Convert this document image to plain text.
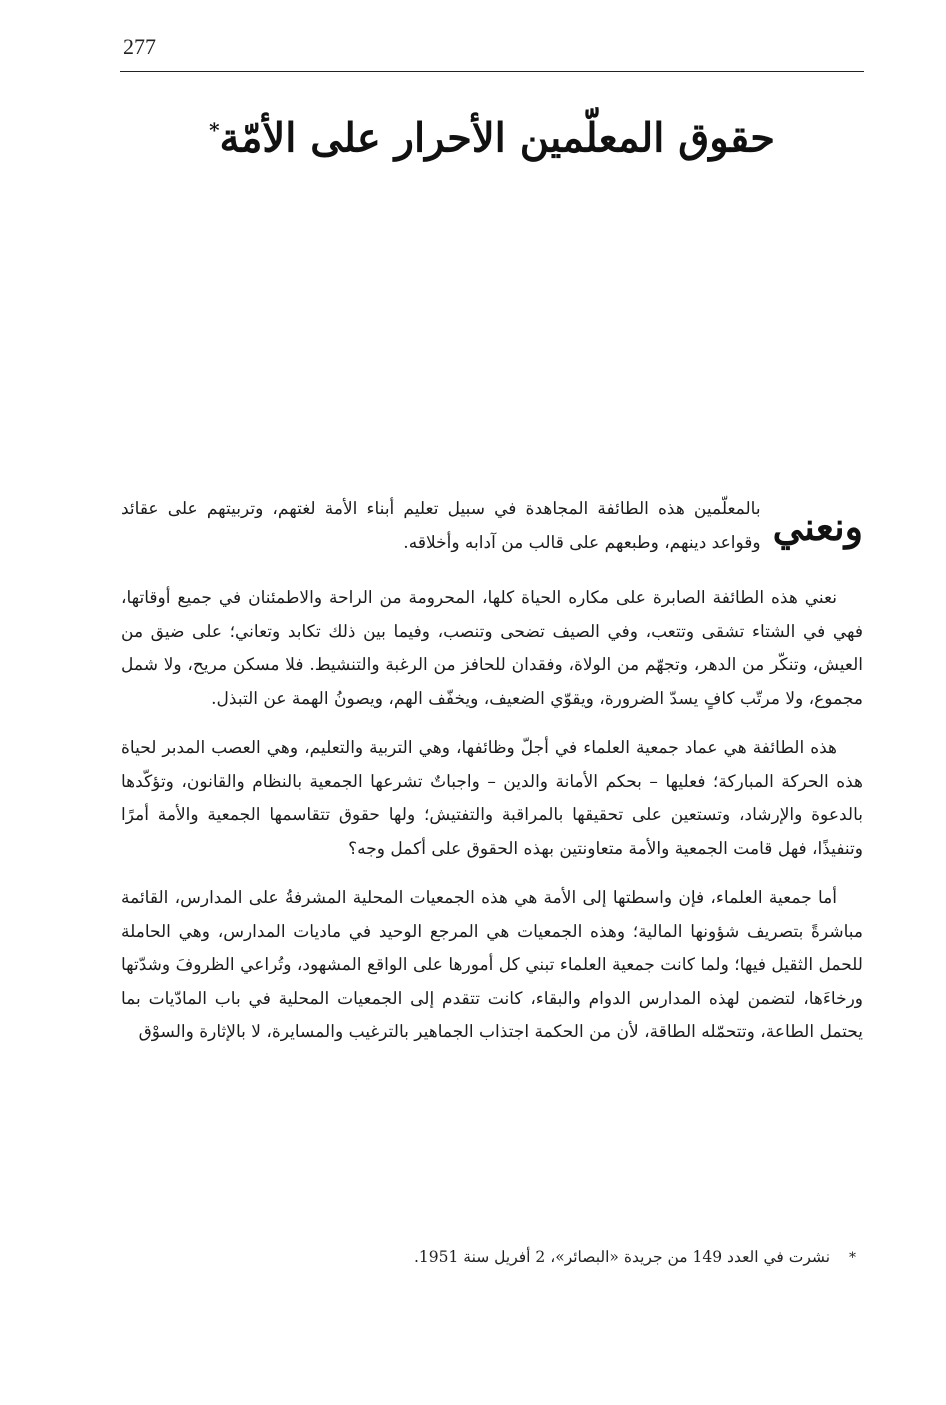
277
حقوق المعلّمين الأحرار على الأمّة*
ونعني
بالمعلّمين هذه الطائفة المجاهدة في سبيل تعليم أبناء الأمة لغتهم، وتربيتهم على عقائد وقواعد دينهم، وطبعهم على قالب من آدابه وأخلاقه.

نعني هذه الطائفة الصابرة على مكاره الحياة كلها، المحرومة من الراحة والاطمئنان في جميع أوقاتها، فهي في الشتاء تشقى وتتعب، وفي الصيف تضحى وتنصب، وفيما بين ذلك تكابد وتعاني؛ على ضيق من العيش، وتنكّر من الدهر، وتجهّم من الولاة، وفقدان للحافز من الرغبة والتنشيط. فلا مسكن مريح، ولا شمل مجموع، ولا مرتّب كافٍ يسدّ الضرورة، ويقوّي الضعيف، ويخفّف الهم، ويصونُ الهمة عن التبذل.

هذه الطائفة هي عماد جمعية العلماء في أجلّ وظائفها، وهي التربية والتعليم، وهي العصب المدبر لحياة هذه الحركة المباركة؛ فعليها – بحكم الأمانة والدين – واجباتٌ تشرعها الجمعية بالنظام والقانون، وتؤكّدها بالدعوة والإرشاد، وتستعين على تحقيقها بالمراقبة والتفتيش؛ ولها حقوق تتقاسمها الجمعية والأمة أمرًا وتنفيذًا، فهل قامت الجمعية والأمة متعاونتين بهذه الحقوق على أكمل وجه؟

أما جمعية العلماء، فإن واسطتها إلى الأمة هي هذه الجمعيات المحلية المشرفةُ على المدارس، القائمة مباشرةً بتصريف شؤونها المالية؛ وهذه الجمعيات هي المرجع الوحيد في ماديات المدارس، وهي الحاملة للحمل الثقيل فيها؛ ولما كانت جمعية العلماء تبني كل أمورها على الواقع المشهود، وتُراعي الظروفَ وشدّتها ورخاءَها، لتضمن لهذه المدارس الدوام والبقاء، كانت تتقدم إلى الجمعيات المحلية في باب المادّيات بما يحتمل الطاعة، وتتحمّله الطاقة، لأن من الحكمة اجتذاب الجماهير بالترغيب والمسايرة، لا بالإثارة والسوْق

* نشرت في العدد 149 من جريدة «البصائر»، 2 أفريل سنة 1951.
